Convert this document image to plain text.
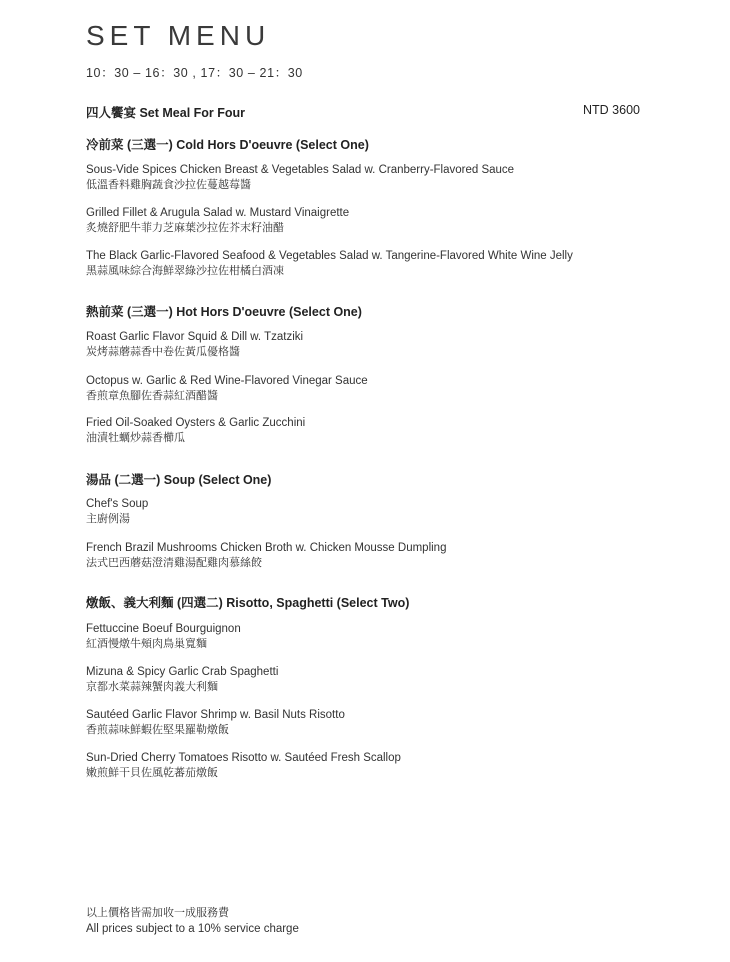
SET MENU
10：30 – 16：30 , 17：30 – 21：30
四人饗宴 Set Meal For Four	NTD 3600
冷前菜 (三選一) Cold Hors D'oeuvre (Select One)
Sous-Vide Spices Chicken Breast & Vegetables Salad w. Cranberry-Flavored Sauce
低溫香料雞胸蔬食沙拉佐蔓越莓醬
Grilled Fillet & Arugula Salad w. Mustard Vinaigrette
炙燒舒肥牛菲力芝麻葉沙拉佐芥末籽油醋
The Black Garlic-Flavored Seafood & Vegetables Salad w. Tangerine-Flavored White Wine Jelly
黑蒜風味綜合海鮮翠綠沙拉佐柑橘白酒凍
熱前菜 (三選一) Hot Hors D'oeuvre (Select One)
Roast Garlic Flavor Squid & Dill w. Tzatziki
炭烤蒜蘑蒜香中卷佐黃瓜優格醬
Octopus w. Garlic & Red Wine-Flavored Vinegar Sauce
香煎章魚腳佐香蒜紅酒醋醬
Fried Oil-Soaked Oysters & Garlic Zucchini
油漬牡蠣炒蒜香櫛瓜
湯品 (二選一) Soup (Select One)
Chef's Soup
主廚例湯
French Brazil Mushrooms Chicken Broth w. Chicken Mousse Dumpling
法式巴西蘑菇澄清雞湯配雞肉慕絲餃
燉飯、義大利麵 (四選二) Risotto, Spaghetti (Select Two)
Fettuccine Boeuf Bourguignon
紅酒慢燉牛頰肉鳥巢寬麵
Mizuna & Spicy Garlic Crab Spaghetti
京都水菜蒜辣蟹肉義大利麵
Sautéed Garlic Flavor Shrimp w. Basil Nuts Risotto
香煎蒜味鮮蝦佐堅果羅勒燉飯
Sun-Dried Cherry Tomatoes Risotto w. Sautéed Fresh Scallop
嫩煎鮮干貝佐風乾蕃茄燉飯
以上價格皆需加收一成服務費
All prices subject to a 10% service charge
